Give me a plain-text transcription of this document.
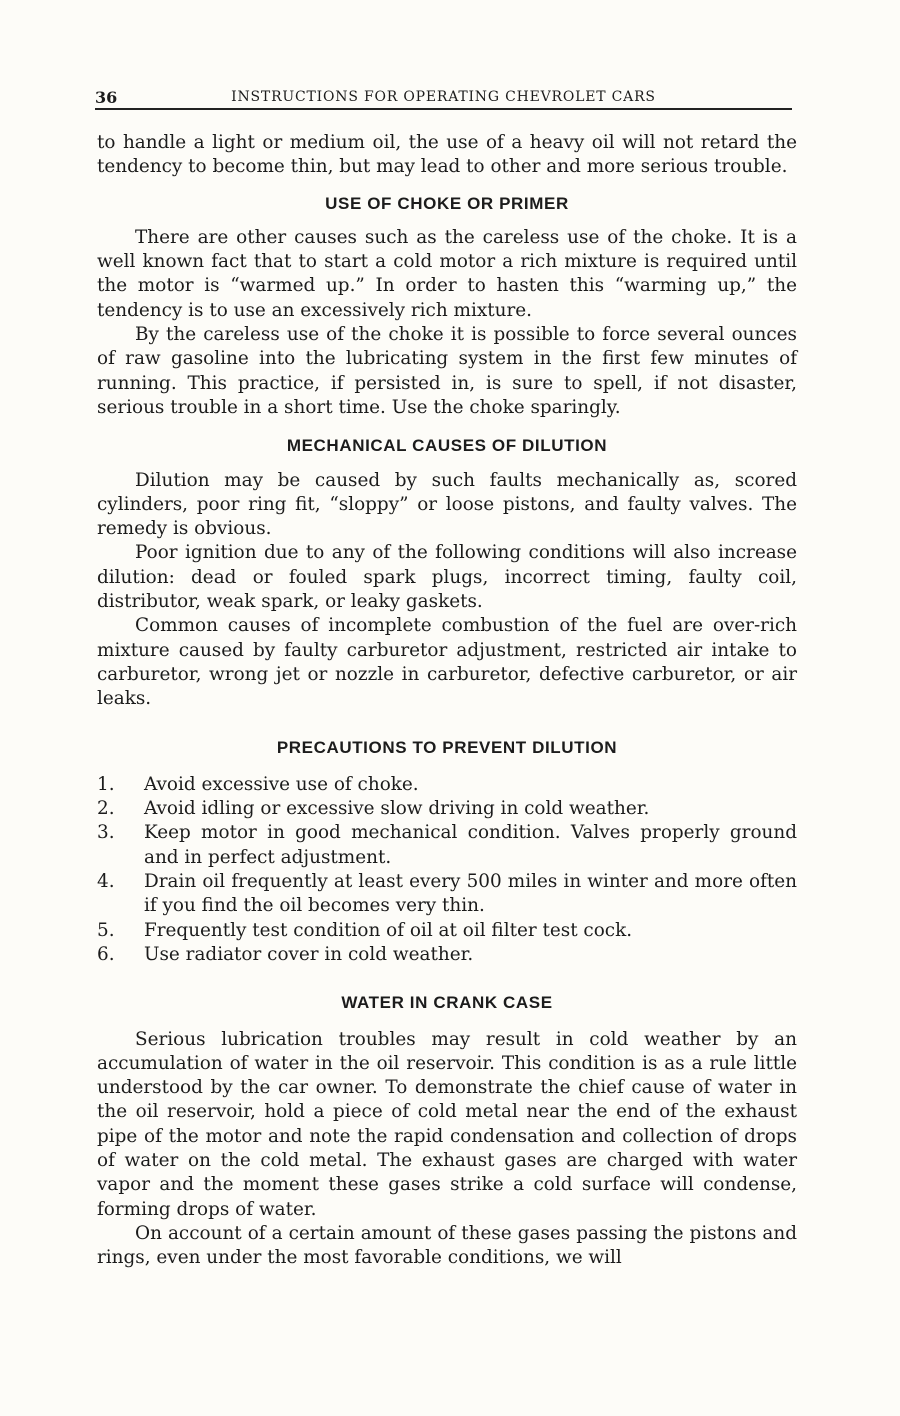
36	INSTRUCTIONS FOR OPERATING CHEVROLET CARS

to handle a light or medium oil, the use of a heavy oil will not retard the tendency to become thin, but may lead to other and more serious trouble.

USE OF CHOKE OR PRIMER

There are other causes such as the careless use of the choke. It is a well known fact that to start a cold motor a rich mixture is required until the motor is “warmed up.” In order to hasten this “warming up,” the tendency is to use an excessively rich mixture.

By the careless use of the choke it is possible to force several ounces of raw gasoline into the lubricating system in the first few minutes of running. This practice, if persisted in, is sure to spell, if not disaster, serious trouble in a short time. Use the choke sparingly.

MECHANICAL CAUSES OF DILUTION

Dilution may be caused by such faults mechanically as, scored cylinders, poor ring fit, “sloppy” or loose pistons, and faulty valves. The remedy is obvious.

Poor ignition due to any of the following conditions will also increase dilution: dead or fouled spark plugs, incorrect timing, faulty coil, distributor, weak spark, or leaky gaskets.

Common causes of incomplete combustion of the fuel are over-rich mixture caused by faulty carburetor adjustment, restricted air intake to carburetor, wrong jet or nozzle in carburetor, defective carburetor, or air leaks.

PRECAUTIONS TO PREVENT DILUTION
1.	Avoid excessive use of choke.
2.	Avoid idling or excessive slow driving in cold weather.
3.	Keep motor in good mechanical condition. Valves properly ground and in perfect adjustment.
4.	Drain oil frequently at least every 500 miles in winter and more often if you find the oil becomes very thin.
5.	Frequently test condition of oil at oil filter test cock.
6.	Use radiator cover in cold weather.
WATER IN CRANK CASE

Serious lubrication troubles may result in cold weather by an accumulation of water in the oil reservoir. This condition is as a rule little understood by the car owner. To demonstrate the chief cause of water in the oil reservoir, hold a piece of cold metal near the end of the exhaust pipe of the motor and note the rapid condensation and collection of drops of water on the cold metal. The exhaust gases are charged with water vapor and the moment these gases strike a cold surface will condense, forming drops of water.

On account of a certain amount of these gases passing the pistons and rings, even under the most favorable conditions, we will
